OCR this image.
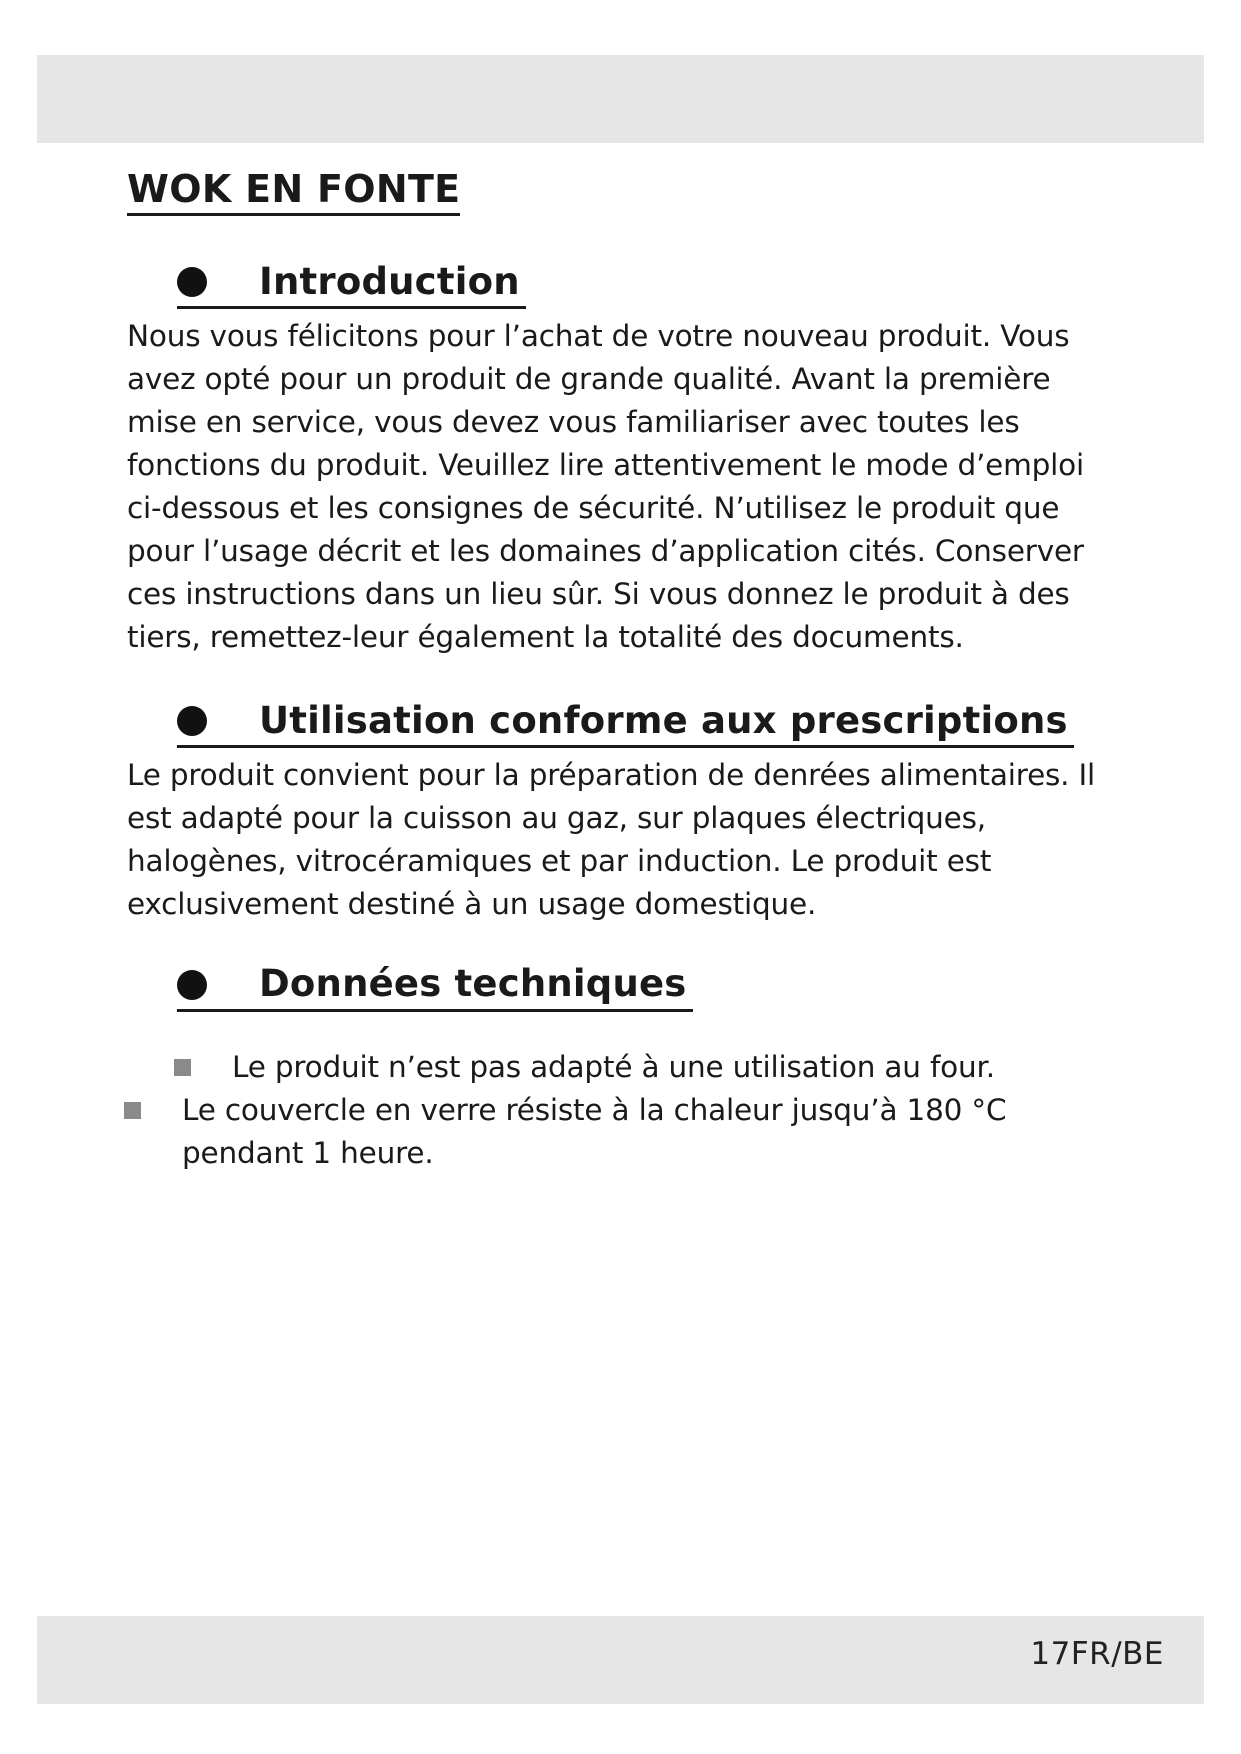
WOK EN FONTE
Introduction

Nous vous félicitons pour l’achat de votre nouveau produit. Vous avez opté pour un produit de grande qualité. Avant la première mise en service, vous devez vous familiariser avec toutes les fonctions du produit. Veuillez lire attentivement le mode d’emploi ci-dessous et les consignes de sécurité. N’utilisez le produit que pour l’usage décrit et les domaines d’application cités. Conserver ces instructions dans un lieu sûr. Si vous donnez le produit à des tiers, remettez-leur également la totalité des documents.

Utilisation conforme aux prescriptions

Le produit convient pour la préparation de denrées alimentaires. Il est adapté pour la cuisson au gaz, sur plaques électriques, halogènes, vitrocéramiques et par induction. Le produit est exclusivement destiné à un usage domestique.

Données techniques
Le produit n’est pas adapté à une utilisation au four.
Le couvercle en verre résiste à la chaleur jusqu’à 180 °C pendant 1 heure.
17FR/BE
